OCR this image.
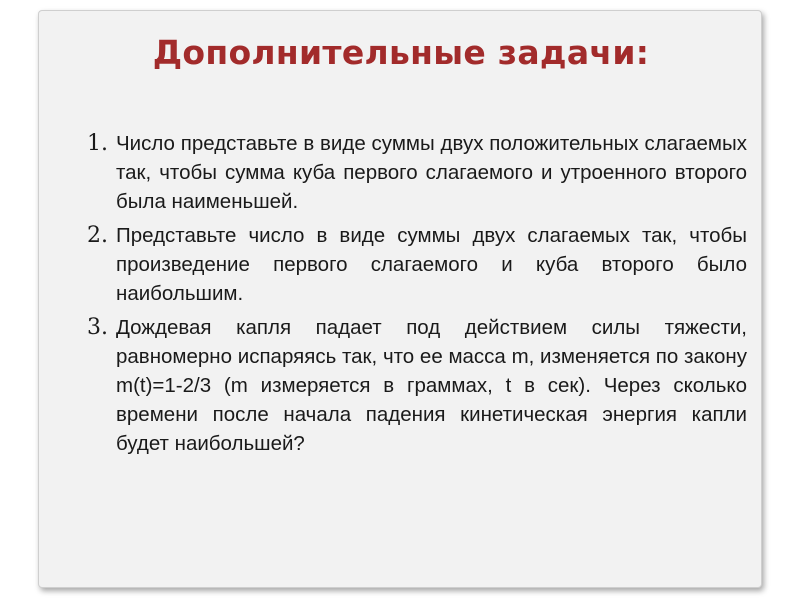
Дополнительные задачи:
1. Число представьте в виде суммы двух положительных слагаемых так, чтобы сумма куба первого слагаемого и утроенного второго была наименьшей.
2. Представьте число в виде суммы двух слагаемых так, чтобы произведение первого слагаемого и куба второго было наибольшим.
3. Дождевая капля падает под действием силы тяжести, равномерно испаряясь так, что ее масса m, изменяется по закону m(t)=1-2/3 (m измеряется в граммах, t в сек). Через сколько времени после начала падения кинетическая энергия капли будет наибольшей?
